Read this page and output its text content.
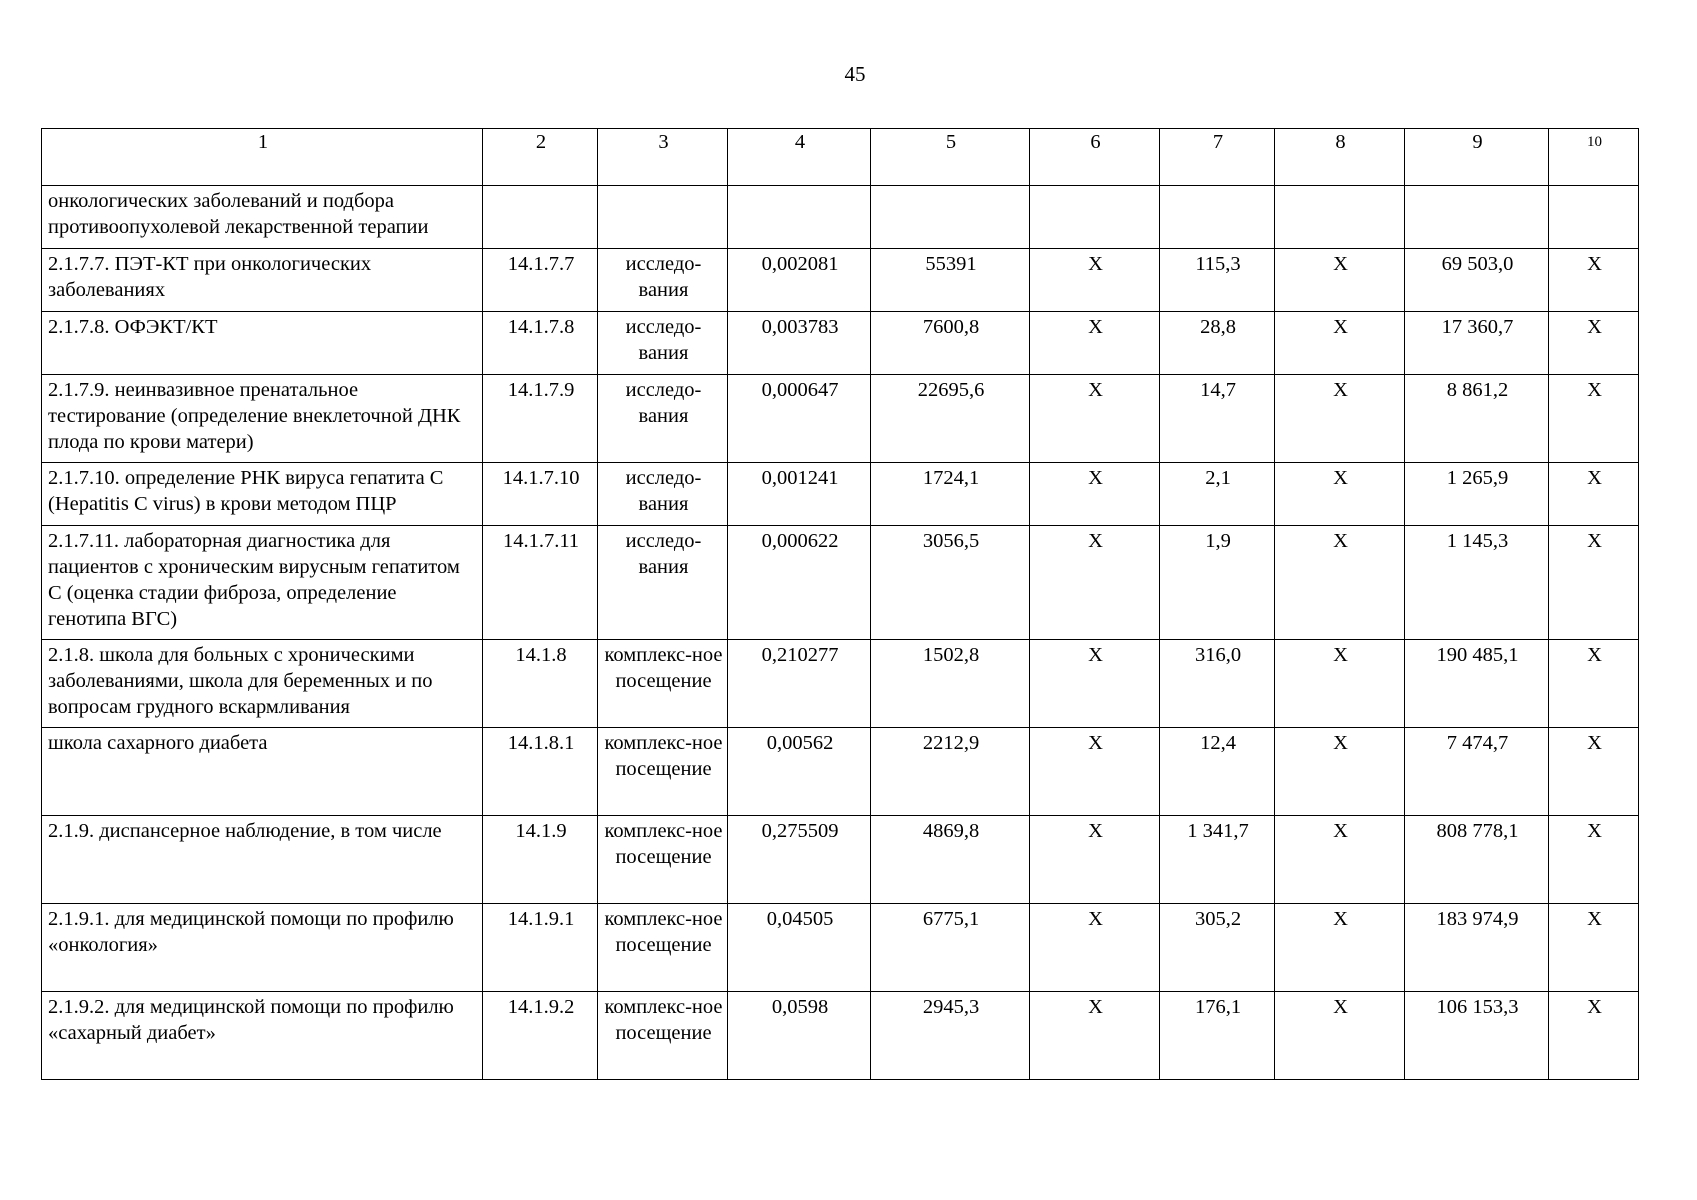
45
1	2	3	4	5	6	7	8	9	10
онкологических заболеваний и подбора противоопухолевой лекарственной терапии									
2.1.7.7. ПЭТ-КТ при онкологических заболеваниях	14.1.7.7	исследо-вания	0,002081	55391	Х	115,3	Х	69 503,0	Х
2.1.7.8. ОФЭКТ/КТ	14.1.7.8	исследо-вания	0,003783	7600,8	Х	28,8	Х	17 360,7	Х
2.1.7.9. неинвазивное пренатальное тестирование (определение внеклеточной ДНК плода по крови матери)	14.1.7.9	исследо-вания	0,000647	22695,6	Х	14,7	Х	8 861,2	Х
2.1.7.10. определение РНК вируса гепатита C (Hepatitis C virus) в крови методом ПЦР	14.1.7.10	исследо-вания	0,001241	1724,1	Х	2,1	Х	1 265,9	Х
2.1.7.11. лабораторная диагностика для пациентов с хроническим вирусным гепатитом С (оценка стадии фиброза, определение генотипа ВГС)	14.1.7.11	исследо-вания	0,000622	3056,5	Х	1,9	Х	1 145,3	Х
2.1.8. школа для больных с хроническими заболеваниями, школа для беременных и по вопросам грудного вскармливания	14.1.8	комплекс-ное посещение	0,210277	1502,8	Х	316,0	Х	190 485,1	Х
школа сахарного диабета	14.1.8.1	комплекс-ное посещение	0,00562	2212,9	Х	12,4	Х	7 474,7	Х
2.1.9. диспансерное наблюдение, в том числе	14.1.9	комплекс-ное посещение	0,275509	4869,8	Х	1 341,7	Х	808 778,1	Х
2.1.9.1. для медицинской помощи по профилю «онкология»	14.1.9.1	комплекс-ное посещение	0,04505	6775,1	Х	305,2	Х	183 974,9	Х
2.1.9.2. для медицинской помощи по профилю «сахарный диабет»	14.1.9.2	комплекс-ное посещение	0,0598	2945,3	Х	176,1	Х	106 153,3	Х
